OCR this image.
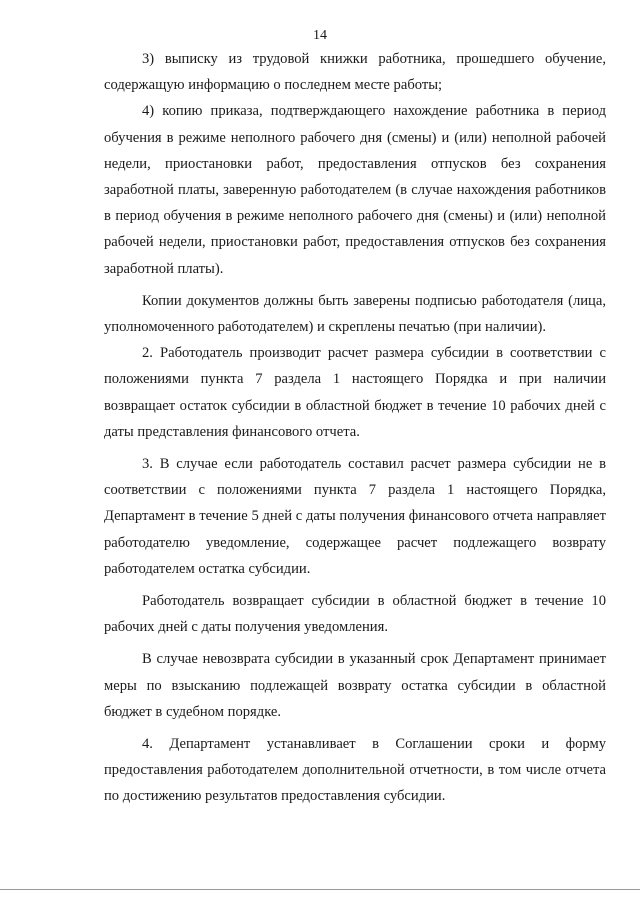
14

3) выписку из трудовой книжки работника, прошедшего обучение, содержащую информацию о последнем месте работы;

4) копию приказа, подтверждающего нахождение работника в период обучения в режиме неполного рабочего дня (смены) и (или) неполной рабочей недели, приостановки работ, предоставления отпусков без сохранения заработной платы, заверенную работодателем (в случае нахождения работников в период обучения в режиме неполного рабочего дня (смены) и (или) неполной рабочей недели, приостановки работ, предоставления отпусков без сохранения заработной платы).

Копии документов должны быть заверены подписью работодателя (лица, уполномоченного работодателем) и скреплены печатью (при наличии).

2. Работодатель производит расчет размера субсидии в соответствии с положениями пункта 7 раздела 1 настоящего Порядка и при наличии возвращает остаток субсидии в областной бюджет в течение 10 рабочих дней с даты представления финансового отчета.

3. В случае если работодатель составил расчет размера субсидии не в соответствии с положениями пункта 7 раздела 1 настоящего Порядка, Департамент в течение 5 дней с даты получения финансового отчета направляет работодателю уведомление, содержащее расчет подлежащего возврату работодателем остатка субсидии.

Работодатель возвращает субсидии в областной бюджет в течение 10 рабочих дней с даты получения уведомления.

В случае невозврата субсидии в указанный срок Департамент принимает меры по взысканию подлежащей возврату остатка субсидии в областной бюджет в судебном порядке.

4. Департамент устанавливает в Соглашении сроки и форму предоставления работодателем дополнительной отчетности, в том числе отчета по достижению результатов предоставления субсидии.
